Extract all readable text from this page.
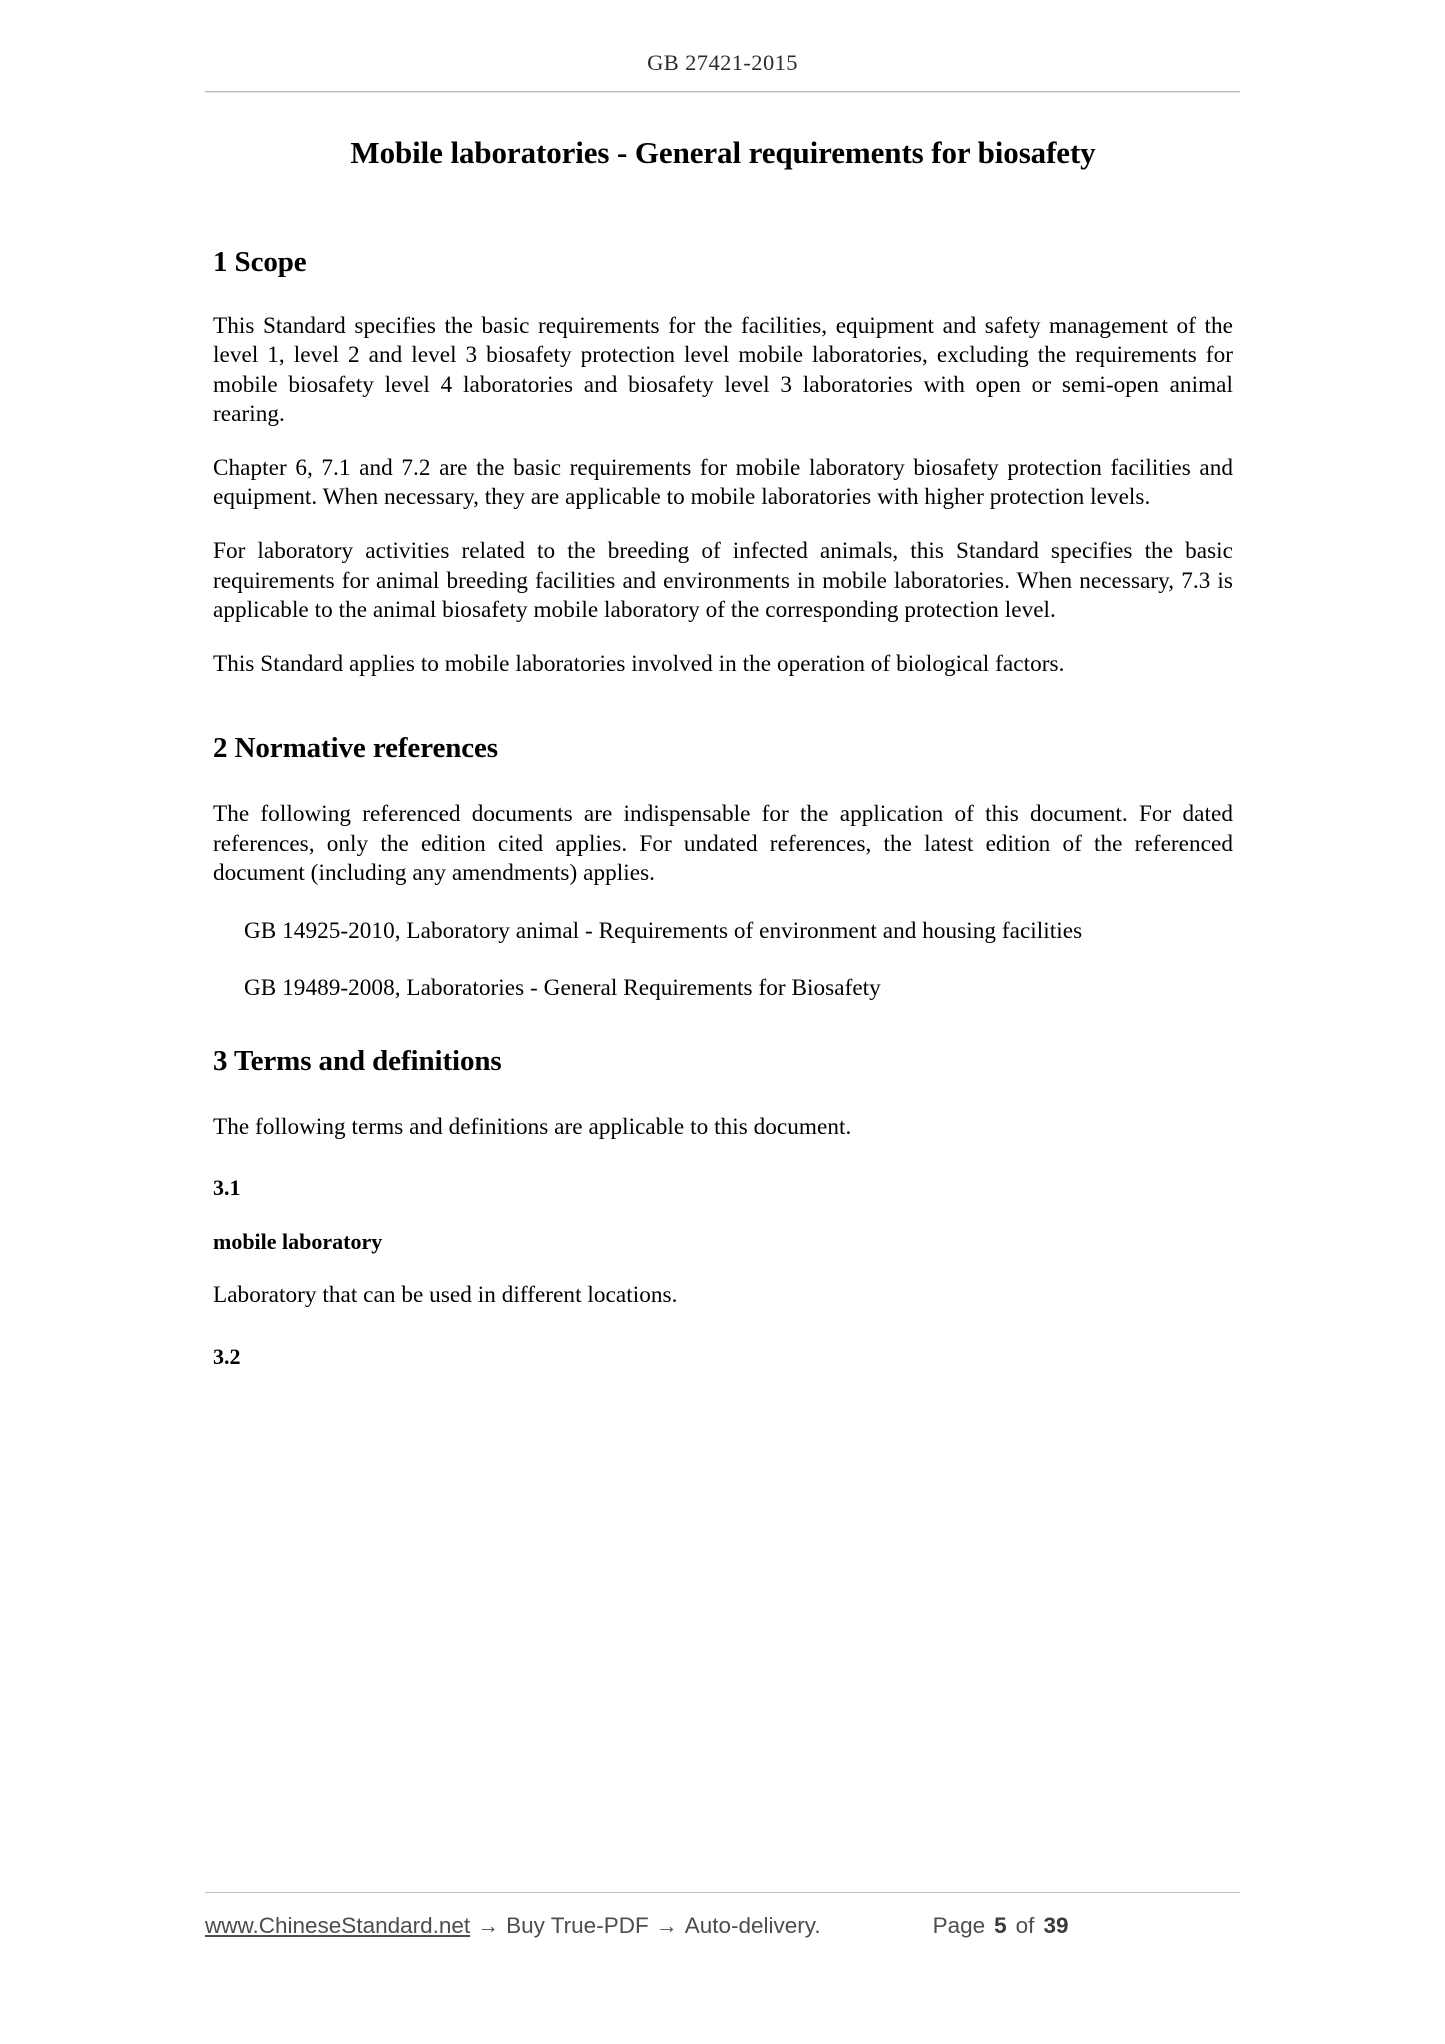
GB 27421-2015
Mobile laboratories - General requirements for biosafety
1 Scope

This Standard specifies the basic requirements for the facilities, equipment and safety management of the level 1, level 2 and level 3 biosafety protection level mobile laboratories, excluding the requirements for mobile biosafety level 4 laboratories and biosafety level 3 laboratories with open or semi-open animal rearing.

Chapter 6, 7.1 and 7.2 are the basic requirements for mobile laboratory biosafety protection facilities and equipment. When necessary, they are applicable to mobile laboratories with higher protection levels.

For laboratory activities related to the breeding of infected animals, this Standard specifies the basic requirements for animal breeding facilities and environments in mobile laboratories. When necessary, 7.3 is applicable to the animal biosafety mobile laboratory of the corresponding protection level.

This Standard applies to mobile laboratories involved in the operation of biological factors.

2 Normative references

The following referenced documents are indispensable for the application of this document. For dated references, only the edition cited applies. For undated references, the latest edition of the referenced document (including any amendments) applies.

GB 14925-2010, Laboratory animal - Requirements of environment and housing facilities

GB 19489-2008, Laboratories - General Requirements for Biosafety

3 Terms and definitions

The following terms and definitions are applicable to this document.

3.1

mobile laboratory

Laboratory that can be used in different locations.

3.2

www.ChineseStandard.net → Buy True-PDF → Auto-delivery.	Page 5 of 39
